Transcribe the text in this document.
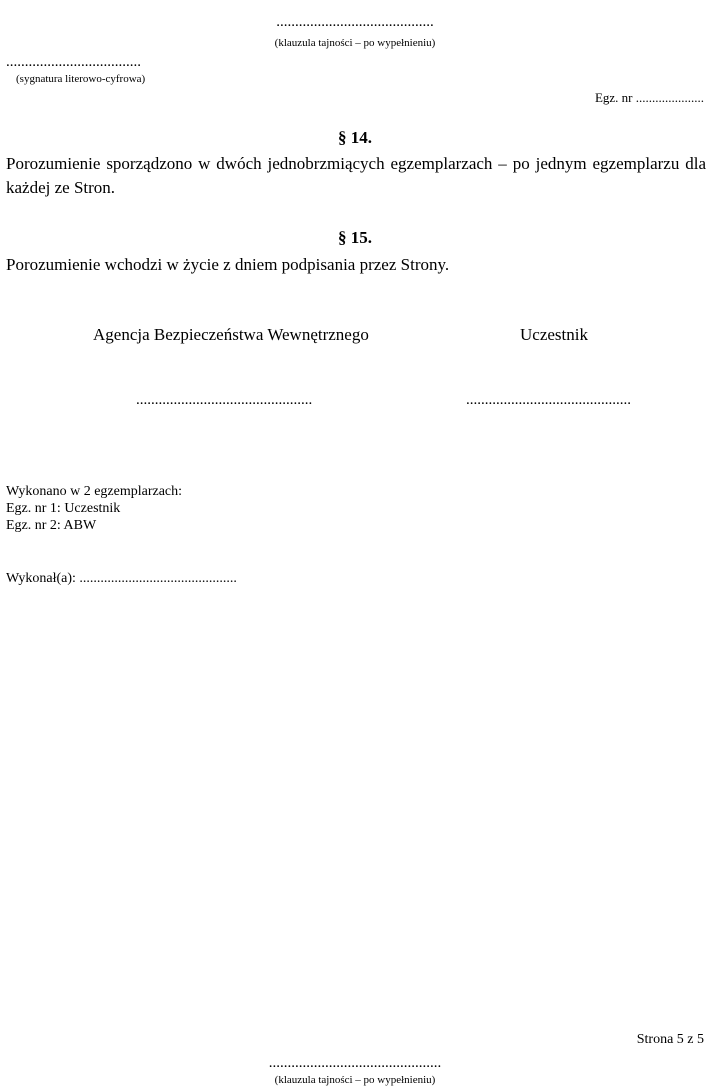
..........................................
(klauzula tajności – po wypełnieniu)
....................................
(sygnatura literowo-cyfrowa)
Egz. nr .....................
§ 14.
Porozumienie sporządzono w dwóch jednobrzmiących egzemplarzach – po jednym egzemplarzu dla każdej ze Stron.
§ 15.
Porozumienie wchodzi w życie z dniem podpisania przez Strony.
Agencja Bezpieczeństwa Wewnętrznego	Uczestnik
...............................................	............................................
Wykonano w 2 egzemplarzach:
Egz. nr 1: Uczestnik
Egz. nr 2: ABW
Wykonał(a): .............................................
Strona 5 z 5
..............................................
(klauzula tajności – po wypełnieniu)
